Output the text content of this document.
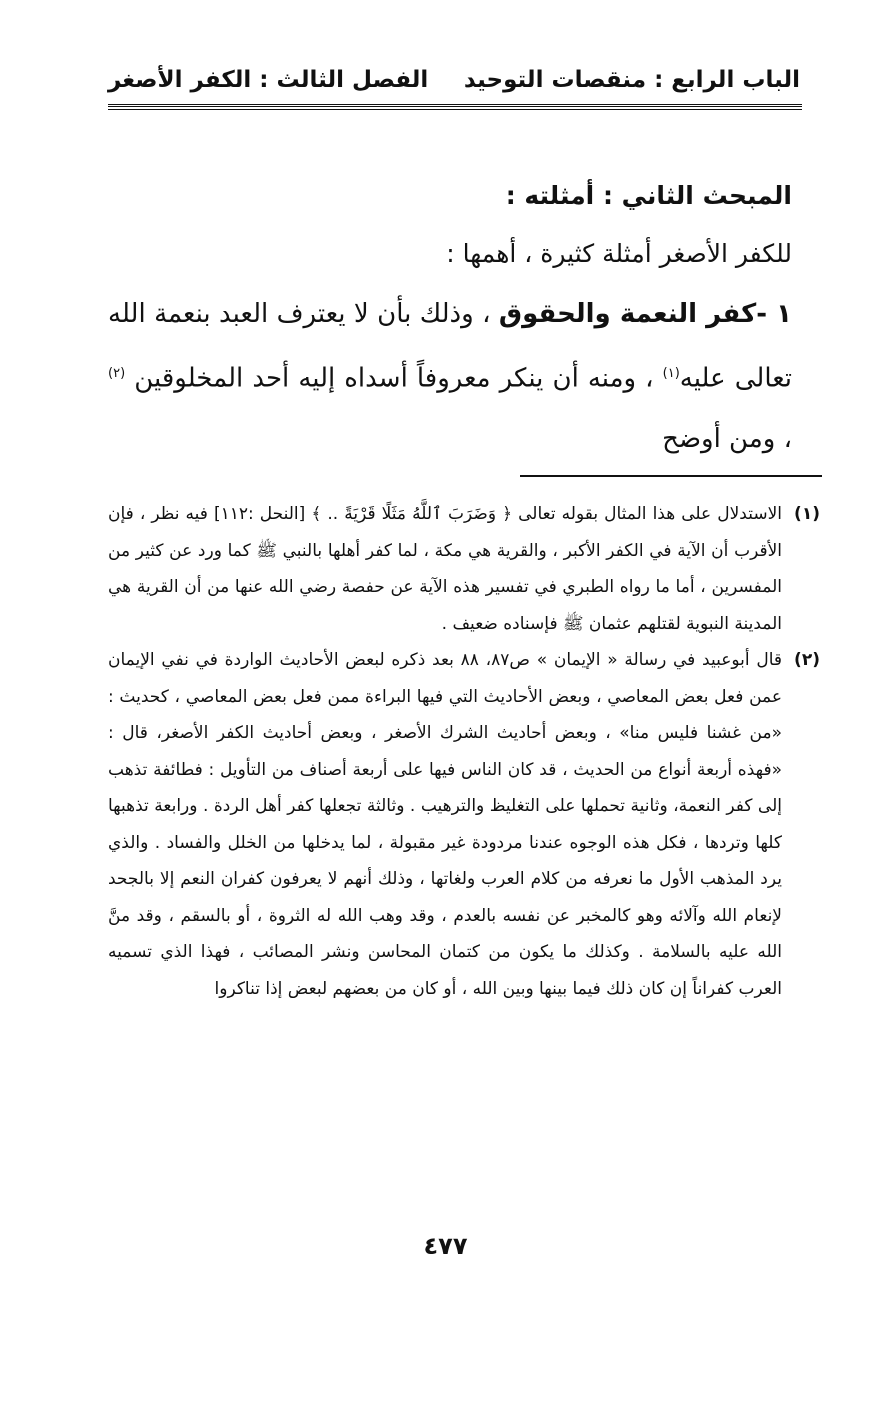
الباب الرابع : منقصات التوحيد
الفصل الثالث : الكفر الأصغر

المبحث الثاني : أمثلته :

للكفر الأصغر أمثلة كثيرة ، أهمها :

١ -كفر النعمة والحقوق ، وذلك بأن لا يعترف العبد بنعمة الله تعالى عليه$^{(١)}$ ، ومنه أن ينكر معروفاً أسداه إليه أحد المخلوقين $^{(٢)}$ ، ومن أوضح

(١)
الاستدلال على هذا المثال بقوله تعالى ﴿ وَضَرَبَ ٱللَّهُ مَثَلًا قَرْيَةً .. ﴾ [النحل :١١٢] فيه نظر ، فإن الأقرب أن الآية في الكفر الأكبر ، والقرية هي مكة ، لما كفر أهلها بالنبي ﷺ كما ورد عن كثير من المفسرين ، أما ما رواه الطبري في تفسير هذه الآية عن حفصة رضي الله عنها من أن القرية هي المدينة النبوية لقتلهم عثمان ﷺ فإسناده ضعيف .
(٢)
قال أبوعبيد في رسالة « الإيمان » ص٨٧، ٨٨ بعد ذكره لبعض الأحاديث الواردة في نفي الإيمان عمن فعل بعض المعاصي ، وبعض الأحاديث التي فيها البراءة ممن فعل بعض المعاصي ، كحديث : «من غشنا فليس منا» ، وبعض أحاديث الشرك الأصغر ، وبعض أحاديث الكفر الأصغر، قال : «فهذه أربعة أنواع من الحديث ، قد كان الناس فيها على أربعة أصناف من التأويل : فطائفة تذهب إلى كفر النعمة، وثانية تحملها على التغليظ والترهيب . وثالثة تجعلها كفر أهل الردة . ورابعة تذهبها كلها وتردها ، فكل هذه الوجوه عندنا مردودة غير مقبولة ، لما يدخلها من الخلل والفساد . والذي يرد المذهب الأول ما نعرفه من كلام العرب ولغاتها ، وذلك أنهم لا يعرفون كفران النعم إلا بالجحد لإنعام الله وآلائه وهو كالمخبر عن نفسه بالعدم ، وقد وهب الله له الثروة ، أو بالسقم ، وقد منَّ الله عليه بالسلامة . وكذلك ما يكون من كتمان المحاسن ونشر المصائب ، فهذا الذي تسميه العرب كفراناً إن كان ذلك فيما بينها وبين الله ، أو كان من بعضهم لبعض إذا تناكروا
٤٧٧
